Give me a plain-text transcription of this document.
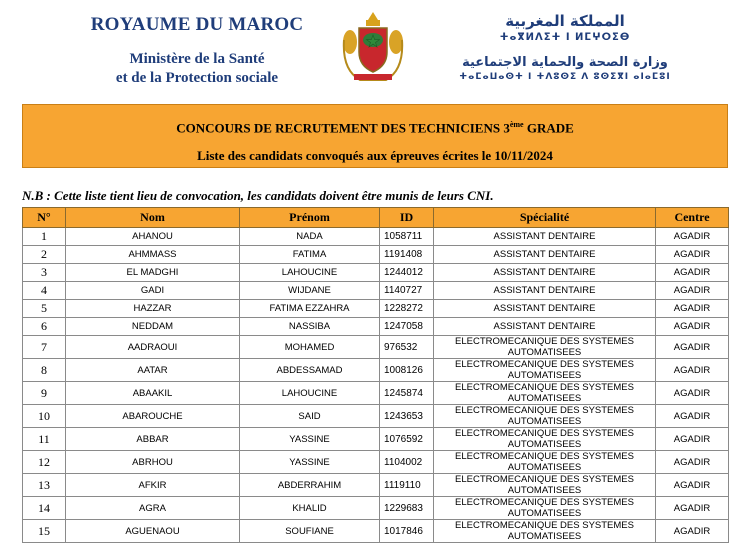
ROYAUME DU MAROC
Ministère de la Santé
et de la Protection sociale
المملكة المغربية
ⵜⴰⴳⵍⴷⵉⵜ ⵏ ⵍⵎⵖⵔⵉⴱ
وزارة الصحة والحماية الاجتماعية
ⵜⴰⵎⴰⵡⴰⵙⵜ ⵏ ⵜⴷⵓⵙⵉ ⴷ ⵓⵙⵉⴳⵏ ⴰⵏⴰⵎⵓⵏ
CONCOURS DE RECRUTEMENT DES TECHNICIENS 3ème GRADE
Liste des candidats convoqués aux épreuves écrites le 10/11/2024
N.B : Cette liste tient lieu de convocation, les candidats doivent être munis de leurs CNI.
N°	Nom	Prénom	ID	Spécialité	Centre
1	AHANOU	NADA	1058711	ASSISTANT DENTAIRE	AGADIR
2	AHMMASS	FATIMA	1191408	ASSISTANT DENTAIRE	AGADIR
3	EL MADGHI	LAHOUCINE	1244012	ASSISTANT DENTAIRE	AGADIR
4	GADI	WIJDANE	1140727	ASSISTANT DENTAIRE	AGADIR
5	HAZZAR	FATIMA EZZAHRA	1228272	ASSISTANT DENTAIRE	AGADIR
6	NEDDAM	NASSIBA	1247058	ASSISTANT DENTAIRE	AGADIR
7	AADRAOUI	MOHAMED	976532	ELECTROMECANIQUE DES SYSTEMES AUTOMATISEES	AGADIR
8	AATAR	ABDESSAMAD	1008126	ELECTROMECANIQUE DES SYSTEMES AUTOMATISEES	AGADIR
9	ABAAKIL	LAHOUCINE	1245874	ELECTROMECANIQUE DES SYSTEMES AUTOMATISEES	AGADIR
10	ABAROUCHE	SAID	1243653	ELECTROMECANIQUE DES SYSTEMES AUTOMATISEES	AGADIR
11	ABBAR	YASSINE	1076592	ELECTROMECANIQUE DES SYSTEMES AUTOMATISEES	AGADIR
12	ABRHOU	YASSINE	1104002	ELECTROMECANIQUE DES SYSTEMES AUTOMATISEES	AGADIR
13	AFKIR	ABDERRAHIM	1119110	ELECTROMECANIQUE DES SYSTEMES AUTOMATISEES	AGADIR
14	AGRA	KHALID	1229683	ELECTROMECANIQUE DES SYSTEMES AUTOMATISEES	AGADIR
15	AGUENAOU	SOUFIANE	1017846	ELECTROMECANIQUE DES SYSTEMES AUTOMATISEES	AGADIR
